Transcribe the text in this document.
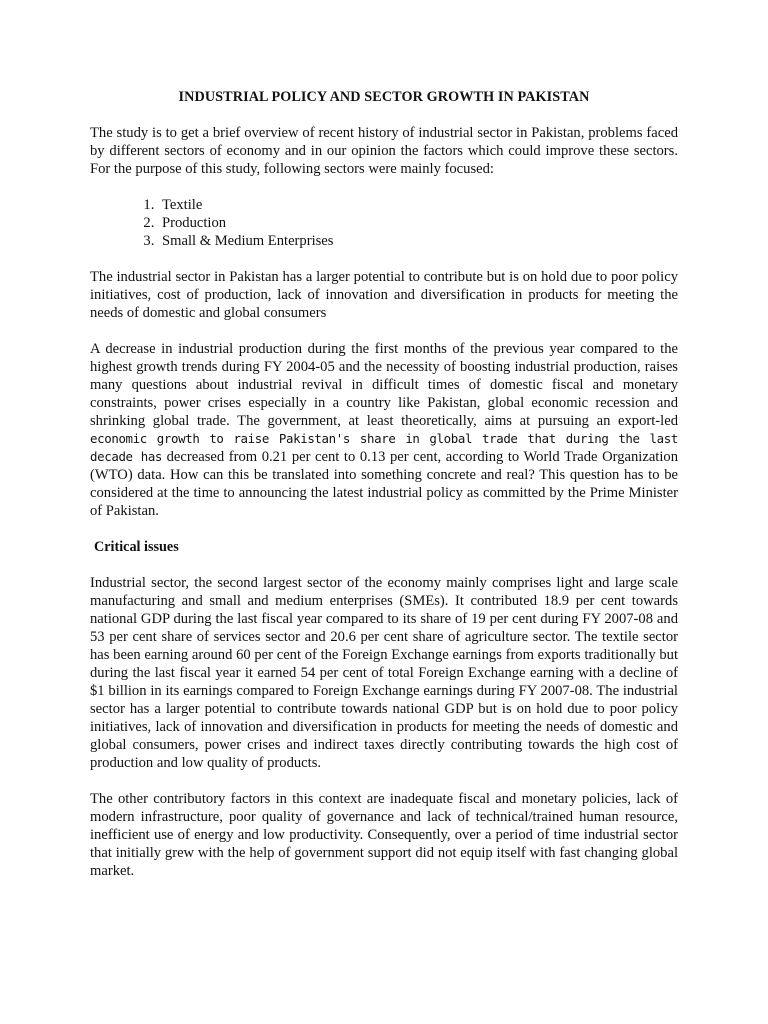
INDUSTRIAL POLICY AND SECTOR GROWTH IN PAKISTAN

The study is to get a brief overview of recent history of industrial sector in Pakistan, problems faced by different sectors of economy and in our opinion the factors which could improve these sectors. For the purpose of this study, following sectors were mainly focused:

1. Textile
2. Production
3. Small & Medium Enterprises

The industrial sector in Pakistan has a larger potential to contribute but is on hold due to poor policy initiatives, cost of production, lack of innovation and diversification in products for meeting the needs of domestic and global consumers

A decrease in industrial production during the first months of the previous year compared to the highest growth trends during FY 2004-05 and the necessity of boosting industrial production, raises many questions about industrial revival in difficult times of domestic fiscal and monetary constraints, power crises especially in a country like Pakistan, global economic recession and shrinking global trade. The government, at least theoretically, aims at pursuing an export-led economic growth to raise Pakistan's share in global trade that during the last decade has decreased from 0.21 per cent to 0.13 per cent, according to World Trade Organization (WTO) data. How can this be translated into something concrete and real? This question has to be considered at the time to announcing the latest industrial policy as committed by the Prime Minister of Pakistan.

Critical issues

Industrial sector, the second largest sector of the economy mainly comprises light and large scale manufacturing and small and medium enterprises (SMEs). It contributed 18.9 per cent towards national GDP during the last fiscal year compared to its share of 19 per cent during FY 2007-08 and 53 per cent share of services sector and 20.6 per cent share of agriculture sector. The textile sector has been earning around 60 per cent of the Foreign Exchange earnings from exports traditionally but during the last fiscal year it earned 54 per cent of total Foreign Exchange earning with a decline of $1 billion in its earnings compared to Foreign Exchange earnings during FY 2007-08. The industrial sector has a larger potential to contribute towards national GDP but is on hold due to poor policy initiatives, lack of innovation and diversification in products for meeting the needs of domestic and global consumers, power crises and indirect taxes directly contributing towards the high cost of production and low quality of products.

The other contributory factors in this context are inadequate fiscal and monetary policies, lack of modern infrastructure, poor quality of governance and lack of technical/trained human resource, inefficient use of energy and low productivity. Consequently, over a period of time industrial sector that initially grew with the help of government support did not equip itself with fast changing global market.
